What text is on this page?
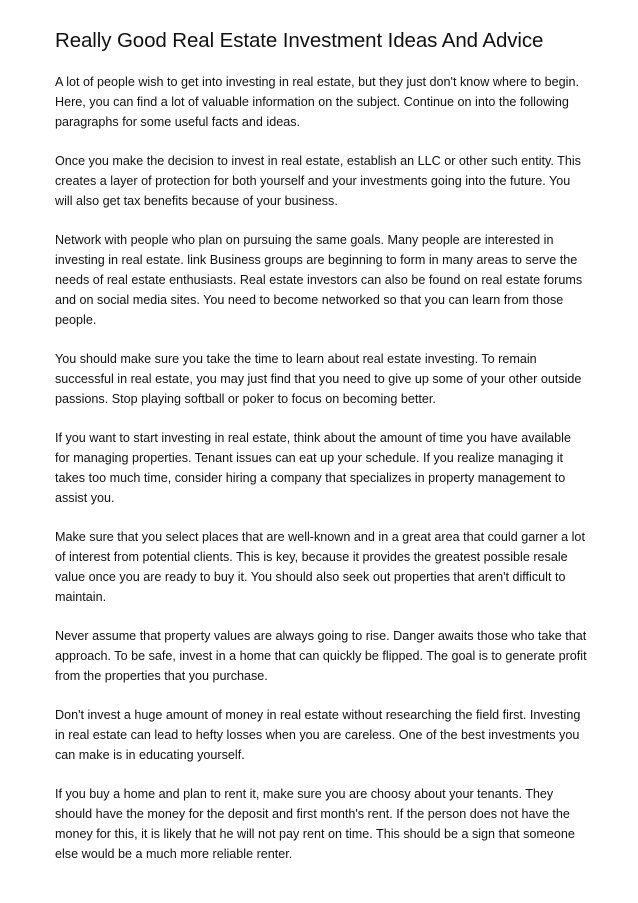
Really Good Real Estate Investment Ideas And Advice

A lot of people wish to get into investing in real estate, but they just don't know where to begin. Here, you can find a lot of valuable information on the subject. Continue on into the following paragraphs for some useful facts and ideas.

Once you make the decision to invest in real estate, establish an LLC or other such entity. This creates a layer of protection for both yourself and your investments going into the future. You will also get tax benefits because of your business.

Network with people who plan on pursuing the same goals. Many people are interested in investing in real estate. link Business groups are beginning to form in many areas to serve the needs of real estate enthusiasts. Real estate investors can also be found on real estate forums and on social media sites. You need to become networked so that you can learn from those people.

You should make sure you take the time to learn about real estate investing. To remain successful in real estate, you may just find that you need to give up some of your other outside passions. Stop playing softball or poker to focus on becoming better.

If you want to start investing in real estate, think about the amount of time you have available for managing properties. Tenant issues can eat up your schedule. If you realize managing it takes too much time, consider hiring a company that specializes in property management to assist you.

Make sure that you select places that are well-known and in a great area that could garner a lot of interest from potential clients. This is key, because it provides the greatest possible resale value once you are ready to buy it. You should also seek out properties that aren't difficult to maintain.

Never assume that property values are always going to rise. Danger awaits those who take that approach. To be safe, invest in a home that can quickly be flipped. The goal is to generate profit from the properties that you purchase.

Don't invest a huge amount of money in real estate without researching the field first. Investing in real estate can lead to hefty losses when you are careless. One of the best investments you can make is in educating yourself.

If you buy a home and plan to rent it, make sure you are choosy about your tenants. They should have the money for the deposit and first month's rent. If the person does not have the money for this, it is likely that he will not pay rent on time. This should be a sign that someone else would be a much more reliable renter.
